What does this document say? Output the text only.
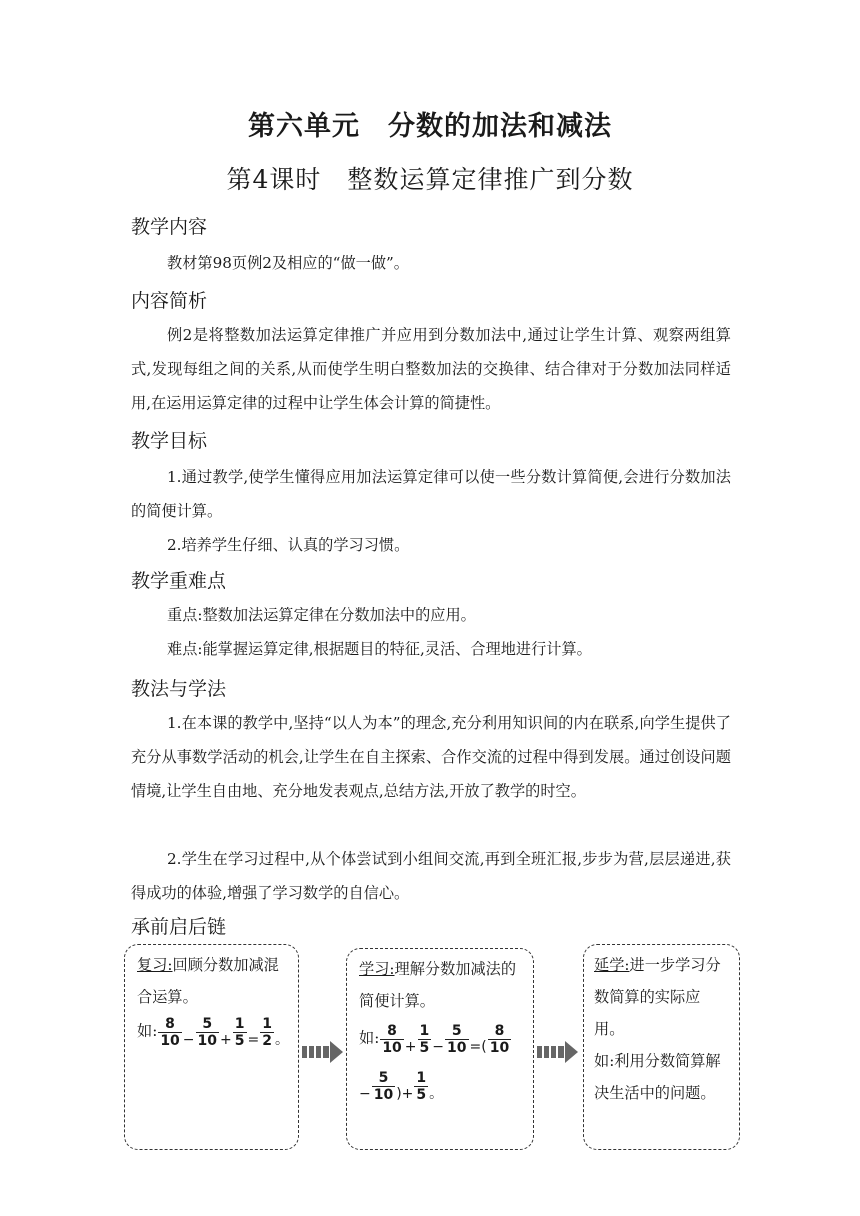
第六单元　分数的加法和减法
第4课时　整数运算定律推广到分数
教学内容
教材第98页例2及相应的“做一做”。
内容简析
例2是将整数加法运算定律推广并应用到分数加法中,通过让学生计算、观察两组算式,发现每组之间的关系,从而使学生明白整数加法的交换律、结合律对于分数加法同样适用,在运用运算定律的过程中让学生体会计算的简捷性。
教学目标
1.通过教学,使学生懂得应用加法运算定律可以使一些分数计算简便,会进行分数加法的简便计算。
2.培养学生仔细、认真的学习习惯。
教学重难点
重点:整数加法运算定律在分数加法中的应用。
难点:能掌握运算定律,根据题目的特征,灵活、合理地进行计算。
教法与学法
1.在本课的教学中,坚持“以人为本”的理念,充分利用知识间的内在联系,向学生提供了充分从事数学活动的机会,让学生在自主探索、合作交流的过程中得到发展。通过创设问题情境,让学生自由地、充分地发表观点,总结方法,开放了教学的时空。
2.学生在学习过程中,从个体尝试到小组间交流,再到全班汇报,步步为营,层层递进,获得成功的体验,增强了学习数学的自信心。
承前启后链
复习:回顾分数加减混合运算。
如: $\frac{8}{10} - \frac{5}{10} + \frac{1}{5} = \frac{1}{2}$ 。
学习:理解分数加减法的简便计算。
如: $\frac{8}{10} + \frac{1}{5} - \frac{5}{10}$ =( $\frac{8}{10}$
− $\frac{5}{10}$ )+ $\frac{1}{5}$ 。
延学:进一步学习分数简算的实际应用。
如:利用分数简算解决生活中的问题。
